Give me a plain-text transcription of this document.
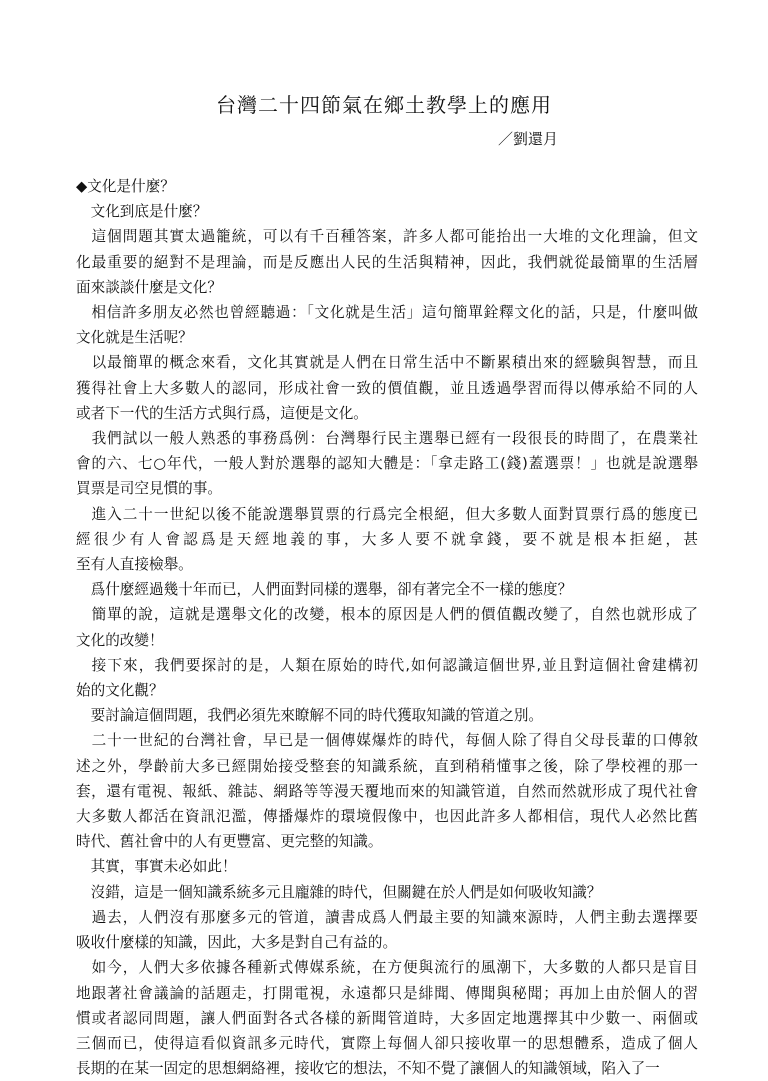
台灣二十四節氣在鄉土教學上的應用
／劉還月
◆文化是什麼？
　文化到底是什麼？
　這個問題其實太過籠統，可以有千百種答案，許多人都可能抬出一大堆的文化理論，但文
化最重要的絕對不是理論，而是反應出人民的生活與精神，因此，我們就從最簡單的生活層
面來談談什麼是文化？
　相信許多朋友必然也曾經聽過：「文化就是生活」這句簡單銓釋文化的話，只是，什麼叫做
文化就是生活呢？
　以最簡單的概念來看，文化其實就是人們在日常生活中不斷累積出來的經驗與智慧，而且
獲得社會上大多數人的認同，形成社會一致的價值觀，並且透過學習而得以傳承給不同的人
或者下一代的生活方式與行爲，這便是文化。
　我們試以一般人熟悉的事務爲例：台灣舉行民主選舉已經有一段很長的時間了，在農業社
會的六、七○年代，一般人對於選舉的認知大體是：「拿走路工(錢)蓋選票！」也就是說選舉
買票是司空見慣的事。
　進入二十一世紀以後不能說選舉買票的行爲完全根絕，但大多數人面對買票行爲的態度已
經很少有人會認爲是天經地義的事，大多人要不就拿錢，要不就是根本拒絕，甚
至有人直接檢舉。
　爲什麼經過幾十年而已，人們面對同樣的選舉，卻有著完全不一樣的態度？
　簡單的說，這就是選舉文化的改變，根本的原因是人們的價值觀改變了，自然也就形成了
文化的改變！
　接下來，我們要探討的是，人類在原始的時代,如何認識這個世界,並且對這個社會建構初
始的文化觀？
　要討論這個問題，我們必須先來瞭解不同的時代獲取知識的管道之別。
　二十一世紀的台灣社會，早已是一個傳媒爆炸的時代，每個人除了得自父母長輩的口傳敘
述之外，學齡前大多已經開始接受整套的知識系統，直到稍稍懂事之後，除了學校裡的那一
套，還有電視、報紙、雜誌、網路等等漫天覆地而來的知識管道，自然而然就形成了現代社會
大多數人都活在資訊氾濫，傳播爆炸的環境假像中，也因此許多人都相信，現代人必然比舊
時代、舊社會中的人有更豐富、更完整的知識。
　其實，事實未必如此！
　沒錯，這是一個知識系統多元且龐雜的時代，但關鍵在於人們是如何吸收知識？
　過去，人們沒有那麼多元的管道，讀書成爲人們最主要的知識來源時，人們主動去選擇要
吸收什麼樣的知識，因此，大多是對自己有益的。
　如今，人們大多依據各種新式傳媒系統，在方便與流行的風潮下，大多數的人都只是盲目
地跟著社會議論的話題走，打開電視，永遠都只是緋聞、傳聞與秘聞；再加上由於個人的習
慣或者認同問題，讓人們面對各式各樣的新聞管道時，大多固定地選擇其中少數一、兩個或
三個而已，使得這看似資訊多元時代，實際上每個人卻只接收單一的思想體系，造成了個人
長期的在某一固定的思想網絡裡，接收它的想法，不知不覺了讓個人的知識領域，陷入了一
